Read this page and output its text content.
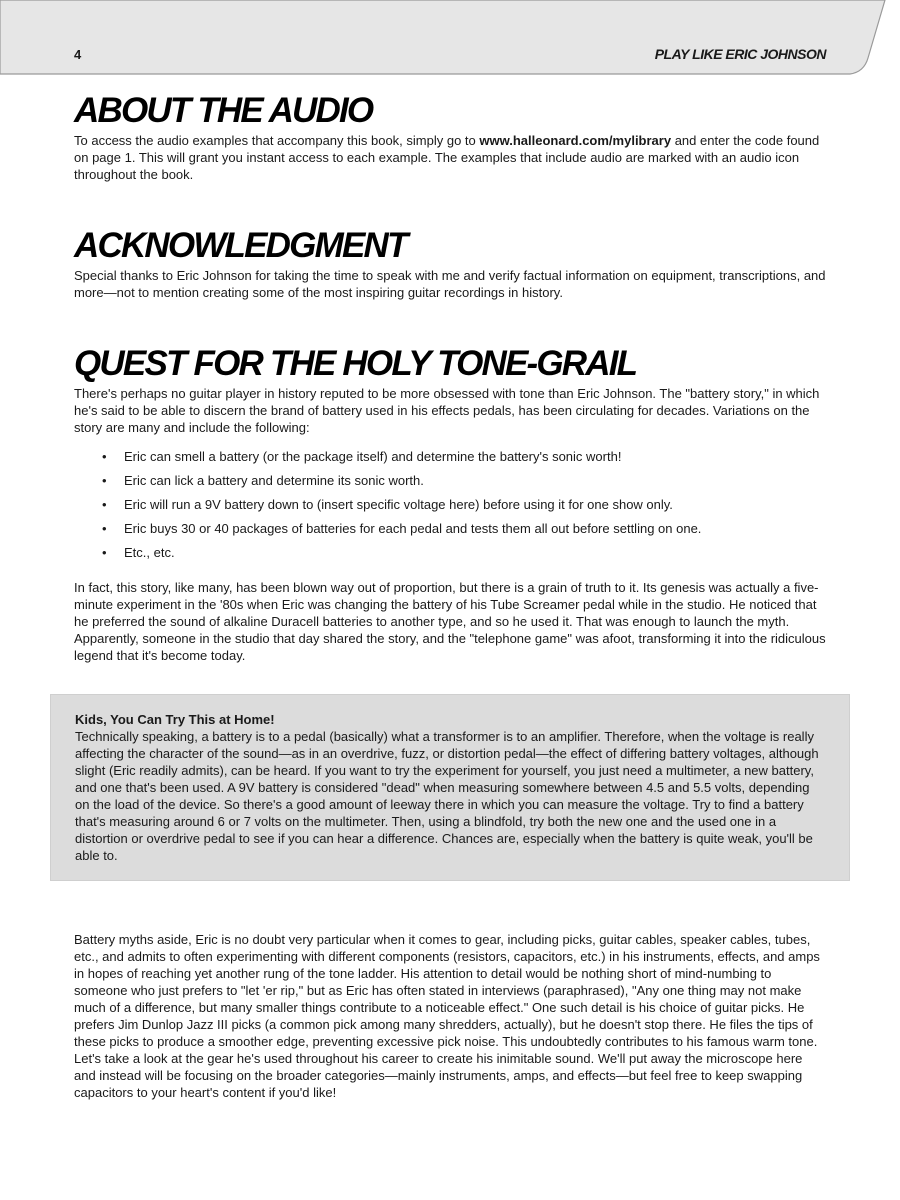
4	PLAY LIKE ERIC JOHNSON
ABOUT THE AUDIO

To access the audio examples that accompany this book, simply go to www.halleonard.com/mylibrary and enter the code found on page 1. This will grant you instant access to each example. The examples that include audio are marked with an audio icon throughout the book.

ACKNOWLEDGMENT

Special thanks to Eric Johnson for taking the time to speak with me and verify factual information on equipment, transcriptions, and more—not to mention creating some of the most inspiring guitar recordings in history.

QUEST FOR THE HOLY TONE-GRAIL

There's perhaps no guitar player in history reputed to be more obsessed with tone than Eric Johnson. The "battery story," in which he's said to be able to discern the brand of battery used in his effects pedals, has been circulating for decades. Variations on the story are many and include the following:

• Eric can smell a battery (or the package itself) and determine the battery's sonic worth!
• Eric can lick a battery and determine its sonic worth.
• Eric will run a 9V battery down to (insert specific voltage here) before using it for one show only.
• Eric buys 30 or 40 packages of batteries for each pedal and tests them all out before settling on one.
• Etc., etc.

In fact, this story, like many, has been blown way out of proportion, but there is a grain of truth to it. Its genesis was actually a five-minute experiment in the '80s when Eric was changing the battery of his Tube Screamer pedal while in the studio. He noticed that he preferred the sound of alkaline Duracell batteries to another type, and so he used it. That was enough to launch the myth. Apparently, someone in the studio that day shared the story, and the "telephone game" was afoot, transforming it into the ridiculous legend that it's become today.

Kids, You Can Try This at Home!

Technically speaking, a battery is to a pedal (basically) what a transformer is to an amplifier. Therefore, when the voltage is really affecting the character of the sound—as in an overdrive, fuzz, or distortion pedal—the effect of differing battery voltages, although slight (Eric readily admits), can be heard. If you want to try the experiment for yourself, you just need a multimeter, a new battery, and one that's been used. A 9V battery is considered "dead" when measuring somewhere between 4.5 and 5.5 volts, depending on the load of the device. So there's a good amount of leeway there in which you can measure the voltage. Try to find a battery that's measuring around 6 or 7 volts on the multimeter. Then, using a blindfold, try both the new one and the used one in a distortion or overdrive pedal to see if you can hear a difference. Chances are, especially when the battery is quite weak, you'll be able to.

Battery myths aside, Eric is no doubt very particular when it comes to gear, including picks, guitar cables, speaker cables, tubes, etc., and admits to often experimenting with different components (resistors, capacitors, etc.) in his instruments, effects, and amps in hopes of reaching yet another rung of the tone ladder. His attention to detail would be nothing short of mind-numbing to someone who just prefers to "let 'er rip," but as Eric has often stated in interviews (paraphrased), "Any one thing may not make much of a difference, but many smaller things contribute to a noticeable effect." One such detail is his choice of guitar picks. He prefers Jim Dunlop Jazz III picks (a common pick among many shredders, actually), but he doesn't stop there. He files the tips of these picks to produce a smoother edge, preventing excessive pick noise. This undoubtedly contributes to his famous warm tone. Let's take a look at the gear he's used throughout his career to create his inimitable sound. We'll put away the microscope here and instead will be focusing on the broader categories—mainly instruments, amps, and effects—but feel free to keep swapping capacitors to your heart's content if you'd like!
